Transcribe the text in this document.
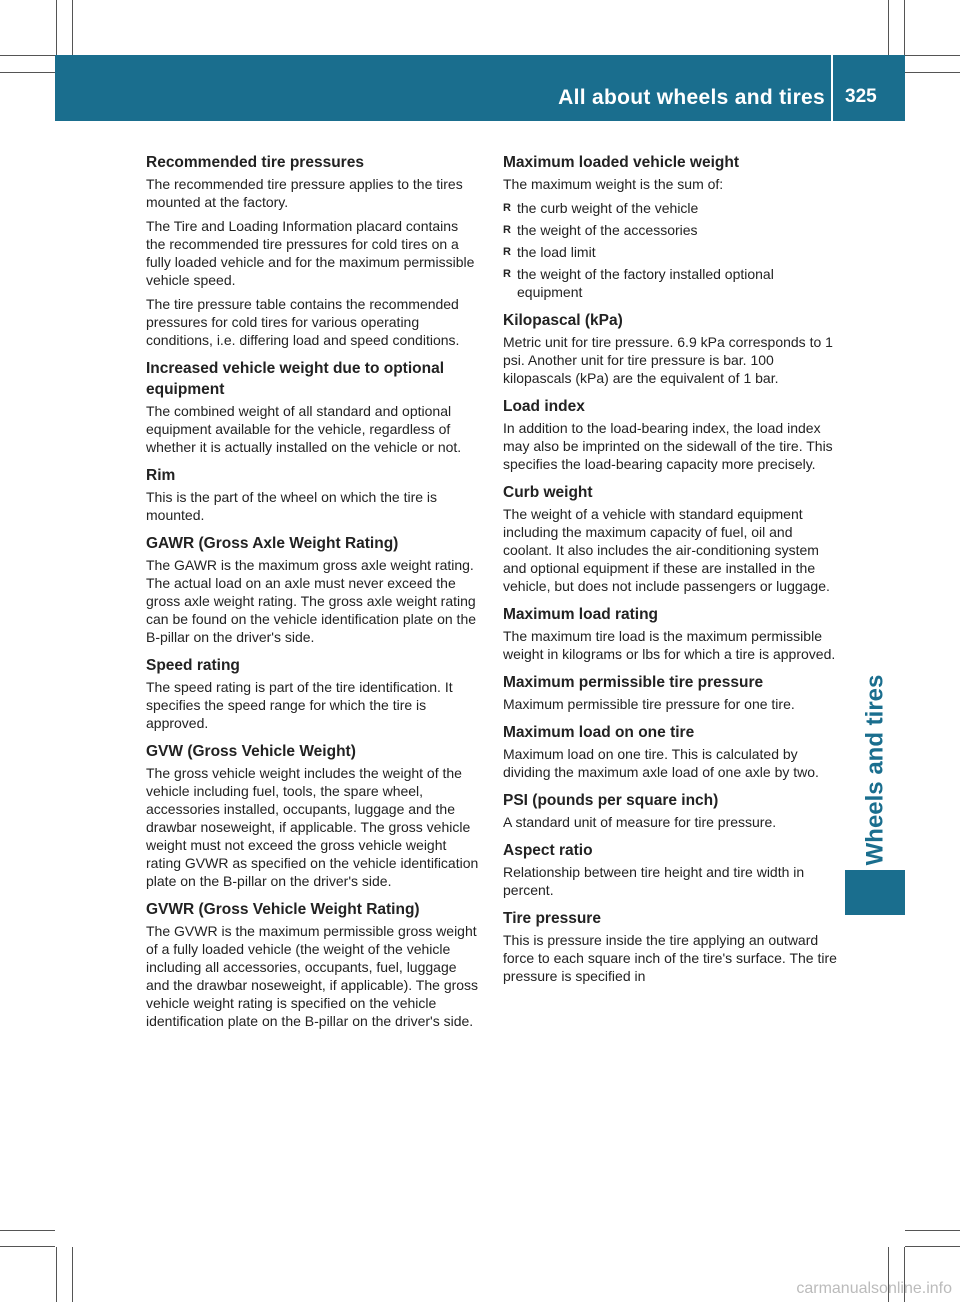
All about wheels and tires 325
Wheels and tires
Recommended tire pressures

The recommended tire pressure applies to the tires mounted at the factory.

The Tire and Loading Information placard contains the recommended tire pressures for cold tires on a fully loaded vehicle and for the maximum permissible vehicle speed.

The tire pressure table contains the recommended pressures for cold tires for various operating conditions, i.e. differing load and speed conditions.

Increased vehicle weight due to optional equipment

The combined weight of all standard and optional equipment available for the vehicle, regardless of whether it is actually installed on the vehicle or not.

Rim

This is the part of the wheel on which the tire is mounted.

GAWR (Gross Axle Weight Rating)

The GAWR is the maximum gross axle weight rating. The actual load on an axle must never exceed the gross axle weight rating. The gross axle weight rating can be found on the vehicle identification plate on the B-pillar on the driver's side.

Speed rating

The speed rating is part of the tire identification. It specifies the speed range for which the tire is approved.

GVW (Gross Vehicle Weight)

The gross vehicle weight includes the weight of the vehicle including fuel, tools, the spare wheel, accessories installed, occupants, luggage and the drawbar noseweight, if applicable. The gross vehicle weight must not exceed the gross vehicle weight rating GVWR as specified on the vehicle identification plate on the B-pillar on the driver's side.

GVWR (Gross Vehicle Weight Rating)

The GVWR is the maximum permissible gross weight of a fully loaded vehicle (the weight of the vehicle including all accessories, occupants, fuel, luggage and the drawbar noseweight, if applicable). The gross vehicle weight rating is specified on the vehicle identification plate on the B-pillar on the driver's side.

Maximum loaded vehicle weight

The maximum weight is the sum of:

R the curb weight of the vehicle
R the weight of the accessories
R the load limit
R the weight of the factory installed optional equipment
Kilopascal (kPa)

Metric unit for tire pressure. 6.9 kPa corresponds to 1 psi. Another unit for tire pressure is bar. 100 kilopascals (kPa) are the equivalent of 1 bar.

Load index

In addition to the load-bearing index, the load index may also be imprinted on the sidewall of the tire. This specifies the load-bearing capacity more precisely.

Curb weight

The weight of a vehicle with standard equipment including the maximum capacity of fuel, oil and coolant. It also includes the air-conditioning system and optional equipment if these are installed in the vehicle, but does not include passengers or luggage.

Maximum load rating

The maximum tire load is the maximum permissible weight in kilograms or lbs for which a tire is approved.

Maximum permissible tire pressure

Maximum permissible tire pressure for one tire.

Maximum load on one tire

Maximum load on one tire. This is calculated by dividing the maximum axle load of one axle by two.

PSI (pounds per square inch)

A standard unit of measure for tire pressure.

Aspect ratio

Relationship between tire height and tire width in percent.

Tire pressure

This is pressure inside the tire applying an outward force to each square inch of the tire's surface. The tire pressure is specified in

carmanualsonline.info
